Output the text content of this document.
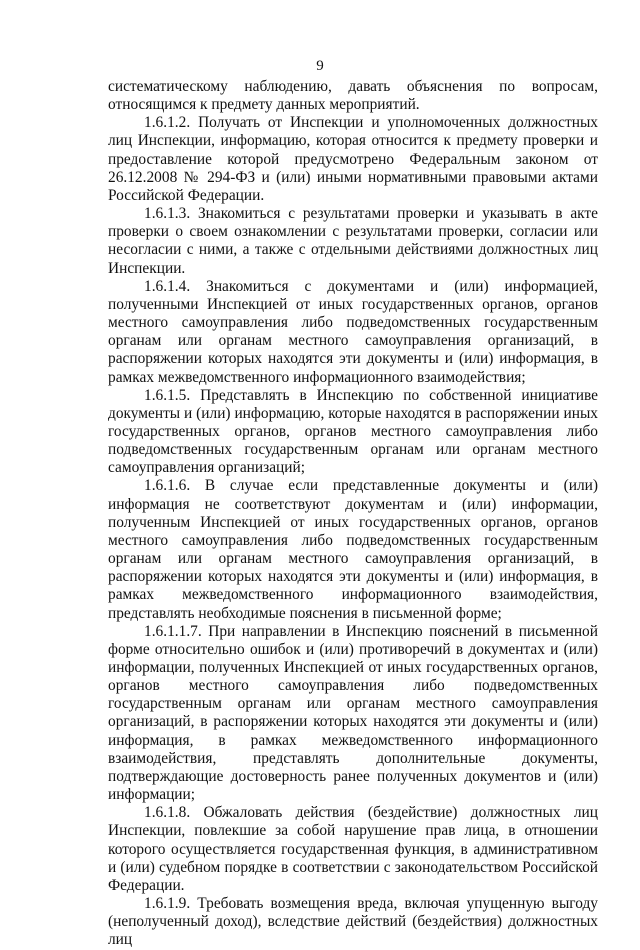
9

систематическому наблюдению, давать объяснения по вопросам, относящимся к предмету данных мероприятий.

1.6.1.2. Получать от Инспекции и уполномоченных должностных лиц Инспекции, информацию, которая относится к предмету проверки и предоставление которой предусмотрено Федеральным законом от 26.12.2008 № 294-ФЗ и (или) иными нормативными правовыми актами Российской Федерации.

1.6.1.3. Знакомиться с результатами проверки и указывать в акте проверки о своем ознакомлении с результатами проверки, согласии или несогласии с ними, а также с отдельными действиями должностных лиц Инспекции.

1.6.1.4. Знакомиться с документами и (или) информацией, полученными Инспекцией от иных государственных органов, органов местного самоуправления либо подведомственных государственным органам или органам местного самоуправления организаций, в распоряжении которых находятся эти документы и (или) информация, в рамках межведомственного информационного взаимодействия;

1.6.1.5. Представлять в Инспекцию по собственной инициативе документы и (или) информацию, которые находятся в распоряжении иных государственных органов, органов местного самоуправления либо подведомственных государственным органам или органам местного самоуправления организаций;

1.6.1.6. В случае если представленные документы и (или) информация не соответствуют документам и (или) информации, полученным Инспекцией от иных государственных органов, органов местного самоуправления либо подведомственных государственным органам или органам местного самоуправления организаций, в распоряжении которых находятся эти документы и (или) информация, в рамках межведомственного информационного взаимодействия, представлять необходимые пояснения в письменной форме;

1.6.1.1.7. При направлении в Инспекцию пояснений в письменной форме относительно ошибок и (или) противоречий в документах и (или) информации, полученных Инспекцией от иных государственных органов, органов местного самоуправления либо подведомственных государственным органам или органам местного самоуправления организаций, в распоряжении которых находятся эти документы и (или) информация, в рамках межведомственного информационного взаимодействия, представлять дополнительные документы, подтверждающие достоверность ранее полученных документов и (или) информации;

1.6.1.8. Обжаловать действия (бездействие) должностных лиц Инспекции, повлекшие за собой нарушение прав лица, в отношении которого осуществляется государственная функция, в административном и (или) судебном порядке в соответствии с законодательством Российской Федерации.

1.6.1.9. Требовать возмещения вреда, включая упущенную выгоду (неполученный доход), вследствие действий (бездействия) должностных лиц
